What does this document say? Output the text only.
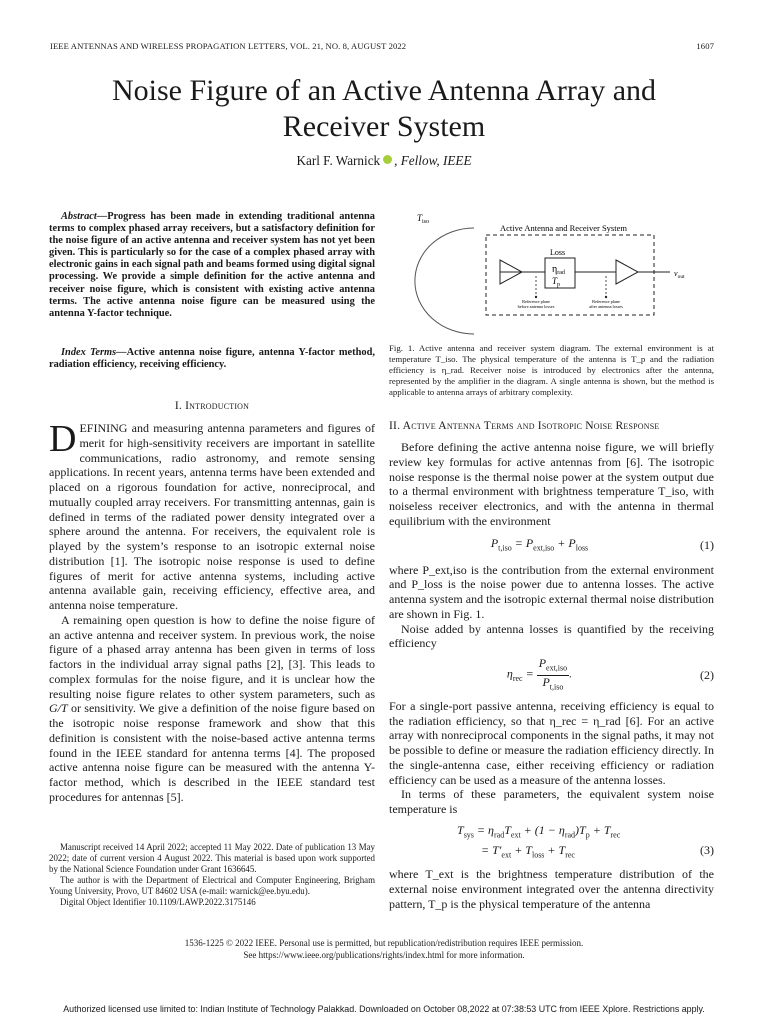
IEEE ANTENNAS AND WIRELESS PROPAGATION LETTERS, VOL. 21, NO. 8, AUGUST 2022	1607
Noise Figure of an Active Antenna Array and Receiver System
Karl F. Warnick , Fellow, IEEE
Abstract—Progress has been made in extending traditional antenna terms to complex phased array receivers, but a satisfactory definition for the noise figure of an active antenna and receiver system has not yet been given. This is particularly so for the case of a complex phased array with electronic gains in each signal path and beams formed using digital signal processing. We provide a simple definition for the active antenna and receiver noise figure, which is consistent with existing active antenna terms. The active antenna noise figure can be measured using the antenna Y-factor technique.
Index Terms—Active antenna noise figure, antenna Y-factor method, radiation efficiency, receiving efficiency.
I. Introduction

DEFINING and measuring antenna parameters and figures of merit for high-sensitivity receivers are important in satellite communications, radio astronomy, and remote sensing applications. In recent years, antenna terms have been extended and placed on a rigorous foundation for active, nonreciprocal, and mutually coupled array receivers. For transmitting antennas, gain is defined in terms of the radiated power density integrated over a sphere around the antenna. For receivers, the equivalent role is played by the system’s response to an isotropic external noise distribution [1]. The isotropic noise response is used to define figures of merit for active antenna systems, including active antenna available gain, receiving efficiency, effective area, and antenna noise temperature.

A remaining open question is how to define the noise figure of an active antenna and receiver system. In previous work, the noise figure of a phased array antenna has been given in terms of loss factors in the individual array signal paths [2], [3]. This leads to complex formulas for the noise figure, and it is unclear how the resulting noise figure relates to other system parameters, such as G/T or sensitivity. We give a definition of the noise figure based on the isotropic noise response framework and show that this definition is consistent with the noise-based active antenna terms found in the IEEE standard for antenna terms [4]. The proposed active antenna noise figure can be measured with the antenna Y-factor method, which is described in the IEEE standard test procedures for antennas [5].

Manuscript received 14 April 2022; accepted 11 May 2022. Date of publication 13 May 2022; date of current version 4 August 2022. This material is based upon work supported by the National Science Foundation under Grant 1636645.

The author is with the Department of Electrical and Computer Engineering, Brigham Young University, Provo, UT 84602 USA (e-mail: warnick@ee.byu.edu).

Digital Object Identifier 10.1109/LAWP.2022.3175146

$T_{iso}$
Active Antenna and Receiver System
Loss
$\eta_{rad}$
$T_p$
$v_{out}$
Reference plane
before antenna losses
Reference plane
after antenna losses
Fig. 1. Active antenna and receiver system diagram. The external environment is at temperature T_iso. The physical temperature of the antenna is T_p and the radiation efficiency is η_rad. Receiver noise is introduced by electronics after the antenna, represented by the amplifier in the diagram. A single antenna is shown, but the method is applicable to antenna arrays of arbitrary complexity.
II. Active Antenna Terms and Isotropic Noise Response

Before defining the active antenna noise figure, we will briefly review key formulas for active antennas from [6]. The isotropic noise response is the thermal noise power at the system output due to a thermal environment with brightness temperature T_iso, with noiseless receiver electronics, and with the antenna in thermal equilibrium with the environment

$P_{t,iso} = P_{ext,iso} + P_{loss}$	(1)

where P_ext,iso is the contribution from the external environment and P_loss is the noise power due to antenna losses. The active antenna system and the isotropic external thermal noise distribution are shown in Fig. 1.

Noise added by antenna losses is quantified by the receiving efficiency

$\eta_{rec} = \frac{P_{ext,iso}}{P_{t,iso}}$ .	(2)

For a single-port passive antenna, receiving efficiency is equal to the radiation efficiency, so that η_rec = η_rad [6]. For an active array with nonreciprocal components in the signal paths, it may not be possible to define or measure the radiation efficiency directly. In the single-antenna case, either receiving efficiency or radiation efficiency can be used as a measure of the antenna losses.

In terms of these parameters, the equivalent system noise temperature is

$T_{sys} = \eta_{rad}T_{ext} + (1 - \eta_{rad})T_p + T_{rec}$
= $T'_{ext} + T_{loss} + T_{rec}$	(3)

where T_ext is the brightness temperature distribution of the external noise environment integrated over the antenna directivity pattern, T_p is the physical temperature of the antenna

1536-1225 © 2022 IEEE. Personal use is permitted, but republication/redistribution requires IEEE permission.
See https://www.ieee.org/publications/rights/index.html for more information.
Authorized licensed use limited to: Indian Institute of Technology Palakkad. Downloaded on October 08,2022 at 07:38:53 UTC from IEEE Xplore. Restrictions apply.
